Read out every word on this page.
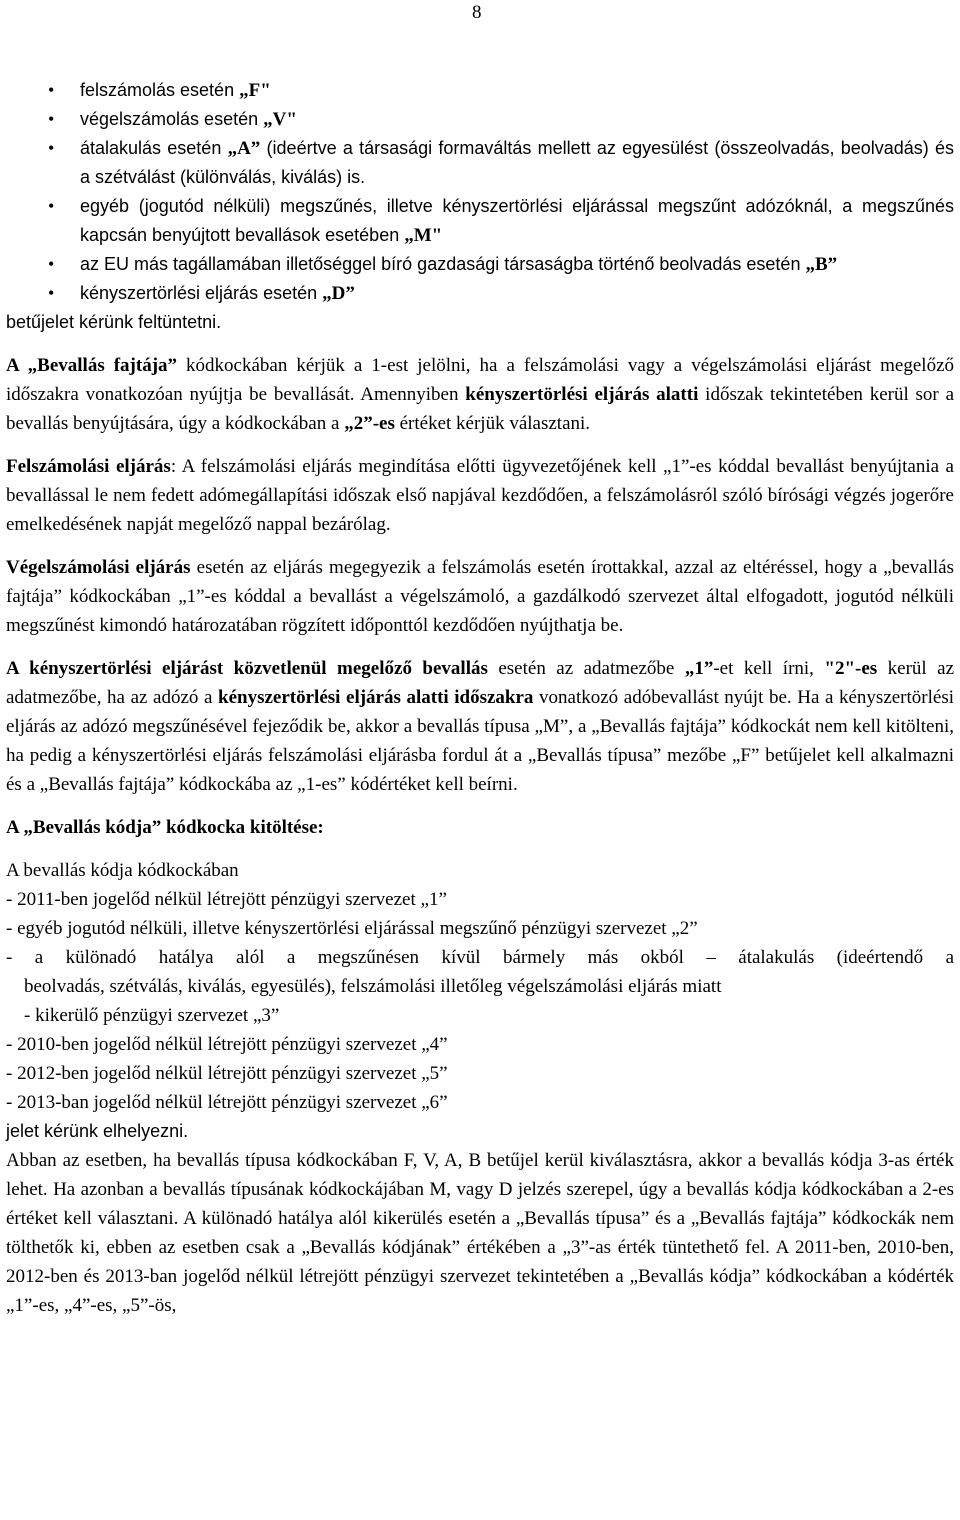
8
• felszámolás esetén „F"
• végelszámolás esetén „V"
• átalakulás esetén „A” (ideértve a társasági formaváltás mellett az egyesülést (összeolvadás, beolvadás) és a szétválást (különválás, kiválás) is.
• egyéb (jogutód nélküli) megszűnés, illetve kényszertörlési eljárással megszűnt adózóknál, a megszűnés kapcsán benyújtott bevallások esetében „M"
• az EU más tagállamában illetőséggel bíró gazdasági társaságba történő beolvadás esetén „B”
• kényszertörlési eljárás esetén „D”

betűjelet kérünk feltüntetni.

A „Bevallás fajtája” kódkockában kérjük a 1-est jelölni, ha a felszámolási vagy a végelszámolási eljárást megelőző időszakra vonatkozóan nyújtja be bevallását. Amennyiben kényszertörlési eljárás alatti időszak tekintetében kerül sor a bevallás benyújtására, úgy a kódkockában a „2”-es értéket kérjük választani.

Felszámolási eljárás: A felszámolási eljárás megindítása előtti ügyvezetőjének kell „1”-es kóddal bevallást benyújtania a bevallással le nem fedett adómegállapítási időszak első napjával kezdődően, a felszámolásról szóló bírósági végzés jogerőre emelkedésének napját megelőző nappal bezárólag.

Végelszámolási eljárás esetén az eljárás megegyezik a felszámolás esetén írottakkal, azzal az eltéréssel, hogy a „bevallás fajtája” kódkockában „1”-es kóddal a bevallást a végelszámoló, a gazdálkodó szervezet által elfogadott, jogutód nélküli megszűnést kimondó határozatában rögzített időponttól kezdődően nyújthatja be.

A kényszertörlési eljárást közvetlenül megelőző bevallás esetén az adatmezőbe „1”-et kell írni, "2"-es kerül az adatmezőbe, ha az adózó a kényszertörlési eljárás alatti időszakra vonatkozó adóbevallást nyújt be. Ha a kényszertörlési eljárás az adózó megszűnésével fejeződik be, akkor a bevallás típusa „M”, a „Bevallás fajtája” kódkockát nem kell kitölteni, ha pedig a kényszertörlési eljárás felszámolási eljárásba fordul át a „Bevallás típusa” mezőbe „F” betűjelet kell alkalmazni és a „Bevallás fajtája” kódkockába az „1-es” kódértéket kell beírni.

A „Bevallás kódja” kódkocka kitöltése:

A bevallás kódja kódkockában

- 2011-ben jogelőd nélkül létrejött pénzügyi szervezet „1”

- egyéb jogutód nélküli, illetve kényszertörlési eljárással megszűnő pénzügyi szervezet „2”

- a különadó hatálya alól a megszűnésen kívül bármely más okból – átalakulás (ideértendő a

beolvadás, szétválás, kiválás, egyesülés), felszámolási illetőleg végelszámolási eljárás miatt

- kikerülő pénzügyi szervezet „3”

- 2010-ben jogelőd nélkül létrejött pénzügyi szervezet „4”

- 2012-ben jogelőd nélkül létrejött pénzügyi szervezet „5”

- 2013-ban jogelőd nélkül létrejött pénzügyi szervezet „6”

jelet kérünk elhelyezni.

Abban az esetben, ha bevallás típusa kódkockában F, V, A, B betűjel kerül kiválasztásra, akkor a bevallás kódja 3-as érték lehet. Ha azonban a bevallás típusának kódkockájában M, vagy D jelzés szerepel, úgy a bevallás kódja kódkockában a 2-es értéket kell választani. A különadó hatálya alól kikerülés esetén a „Bevallás típusa” és a „Bevallás fajtája” kódkockák nem tölthetők ki, ebben az esetben csak a „Bevallás kódjának” értékében a „3”-as érték tüntethető fel. A 2011-ben, 2010-ben, 2012-ben és 2013-ban jogelőd nélkül létrejött pénzügyi szervezet tekintetében a „Bevallás kódja” kódkockában a kódérték „1”-es, „4”-es, „5”-ös,
